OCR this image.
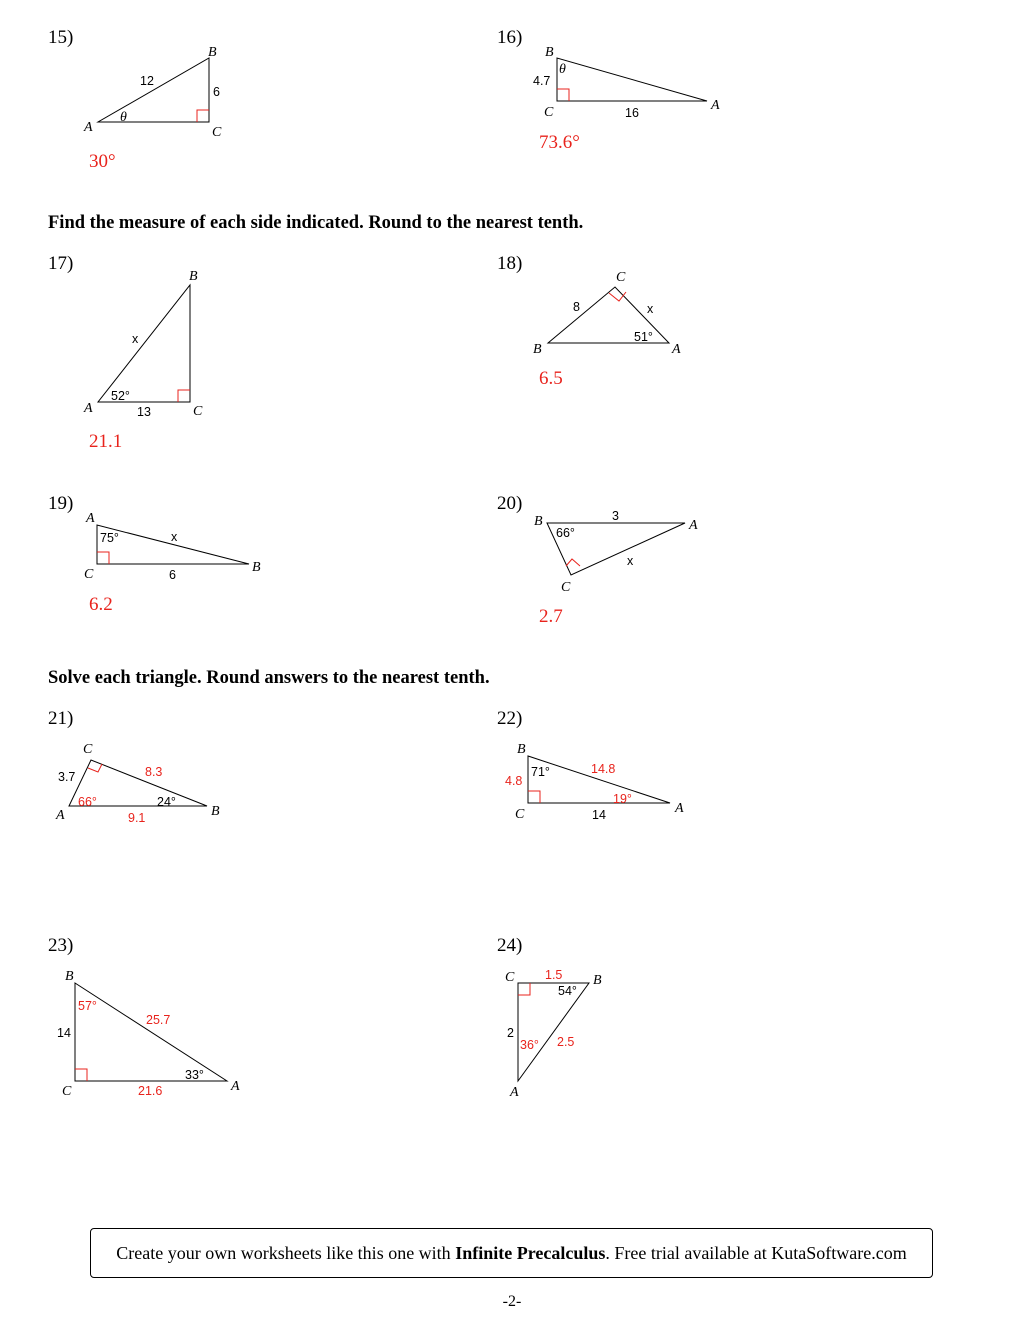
15)	16)
17)	18)
19)	20)
21)	22)
23)	24)
Find the measure of each side indicated. Round to the nearest tenth.
Solve each triangle. Round answers to the nearest tenth.
30°
73.6°
21.1
6.5
6.2
2.7
A
B
C
θ
12
6
B
C	A
θ
4.7
16
B
A	C
x
52°
13
C
B	A
8	x
51°
A
C	B
75°	x
6
B	A
C
3
66°
x
C
A	B
3.7	8.3
66°	24°
9.1
B
C	A
71°	14.8
4.8
19°
14
B
C	A
57°
25.7
14
33°
21.6
C	B
A
1.5
54°
2
36° 2.5
Create your own worksheets like this one with Infinite Precalculus. Free trial available at KutaSoftware.com
-2-
